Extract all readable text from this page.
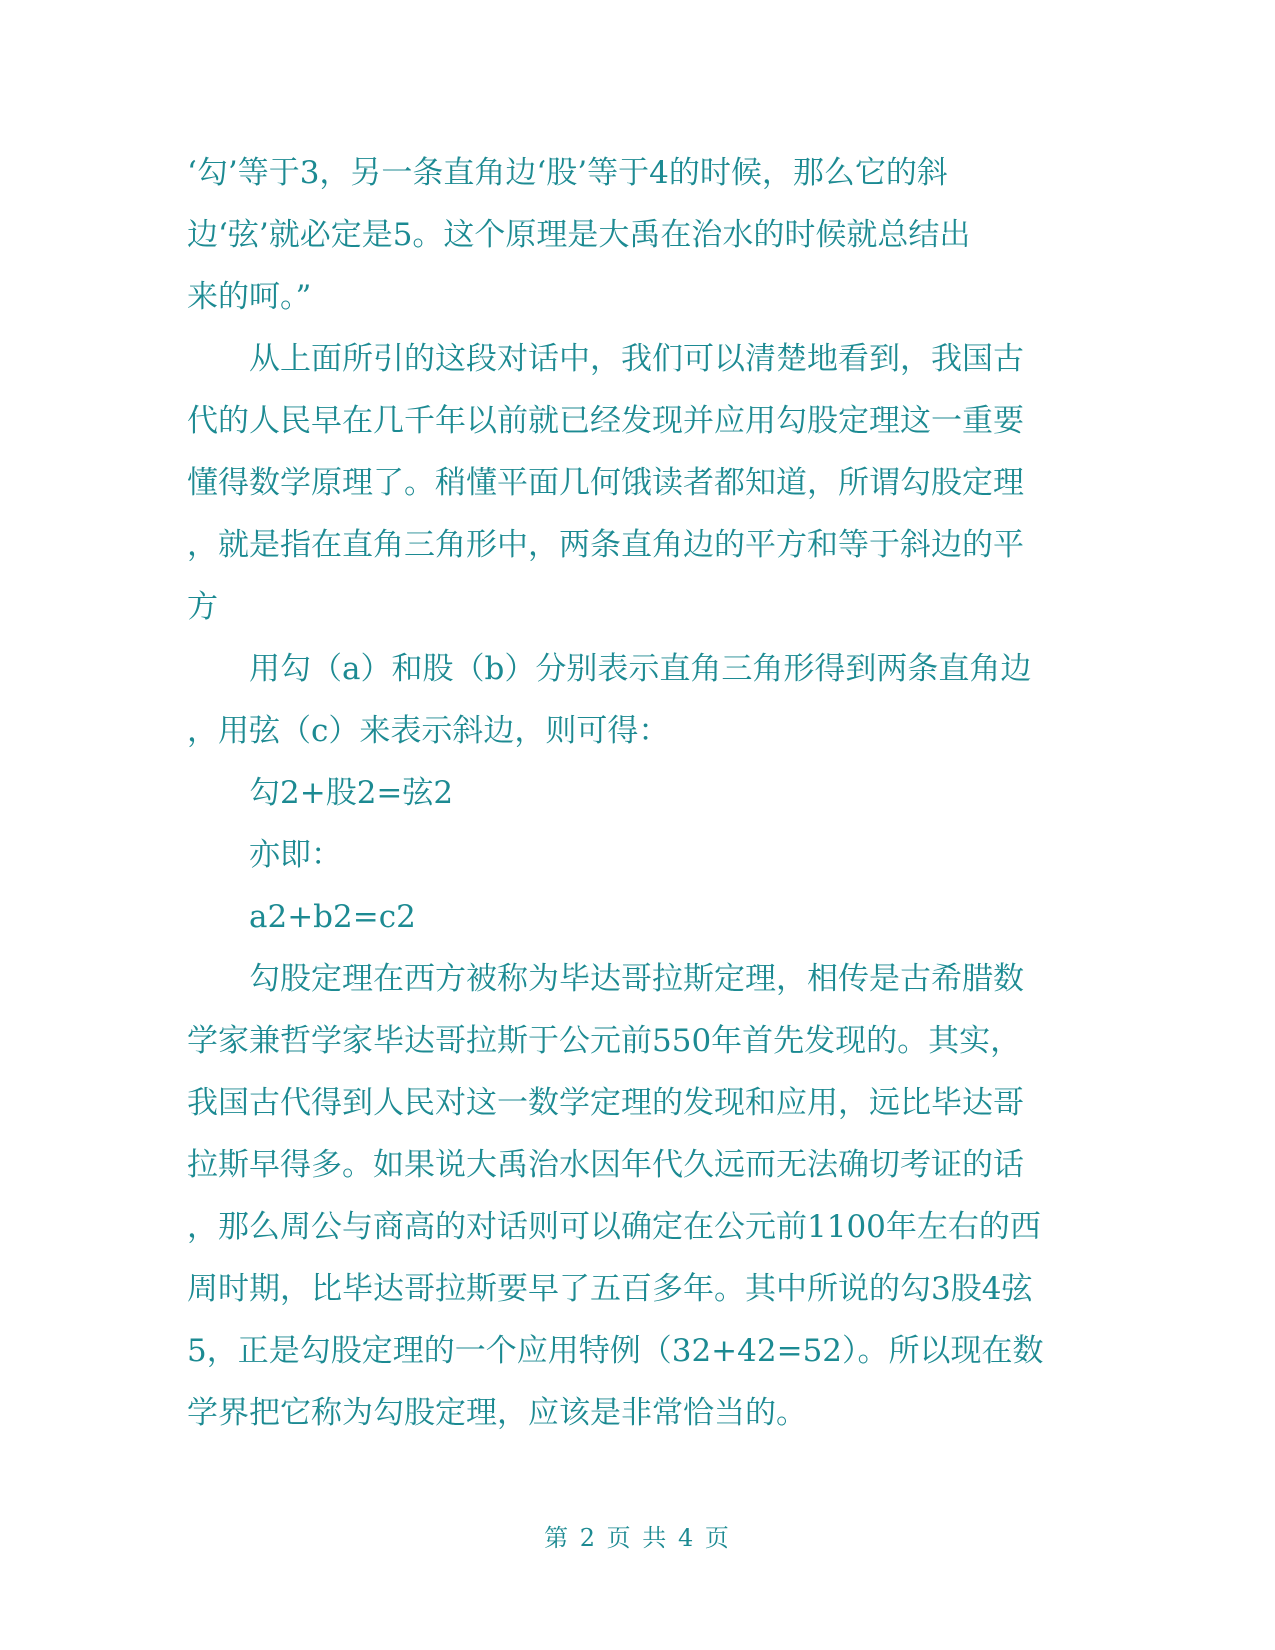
‘勾’等于3，另一条直角边‘股’等于4的时候，那么它的斜
边‘弦’就必定是5。这个原理是大禹在治水的时候就总结出
来的呵。”
从上面所引的这段对话中，我们可以清楚地看到，我国古
代的人民早在几千年以前就已经发现并应用勾股定理这一重要
懂得数学原理了。稍懂平面几何饿读者都知道，所谓勾股定理
，就是指在直角三角形中，两条直角边的平方和等于斜边的平
方
用勾（a）和股（b）分别表示直角三角形得到两条直角边
，用弦（c）来表示斜边，则可得：
勾2+股2=弦2
亦即：
a2+b2=c2
勾股定理在西方被称为毕达哥拉斯定理，相传是古希腊数
学家兼哲学家毕达哥拉斯于公元前550年首先发现的。其实，
我国古代得到人民对这一数学定理的发现和应用，远比毕达哥
拉斯早得多。如果说大禹治水因年代久远而无法确切考证的话
，那么周公与商高的对话则可以确定在公元前1100年左右的西
周时期，比毕达哥拉斯要早了五百多年。其中所说的勾3股4弦
5，正是勾股定理的一个应用特例（32+42=52）。所以现在数
学界把它称为勾股定理，应该是非常恰当的。
第 2 页 共 4 页
